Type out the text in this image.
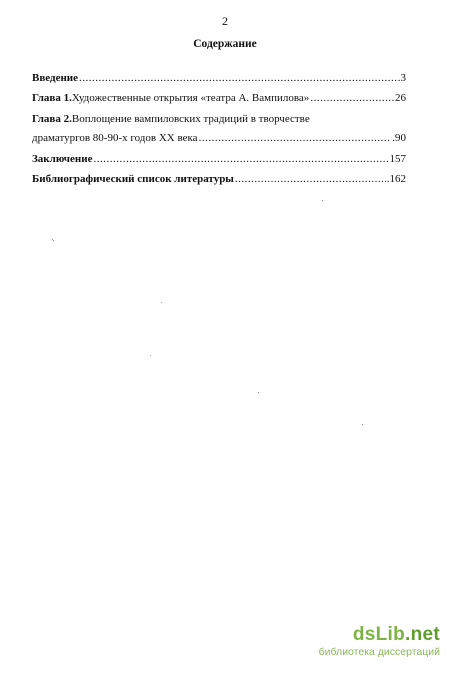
2
Содержание
Введение .....	.3
Глава 1. Художественные открытия «театра А. Вампилова» .....	26
Глава 2. Воплощение вампиловских традиций в творчестве
драматургов 80-90-х годов XX века .....	.90
Заключение .....	157
Библиографический список литературы .....	.162
dsLib.net
библиотека диссертаций
